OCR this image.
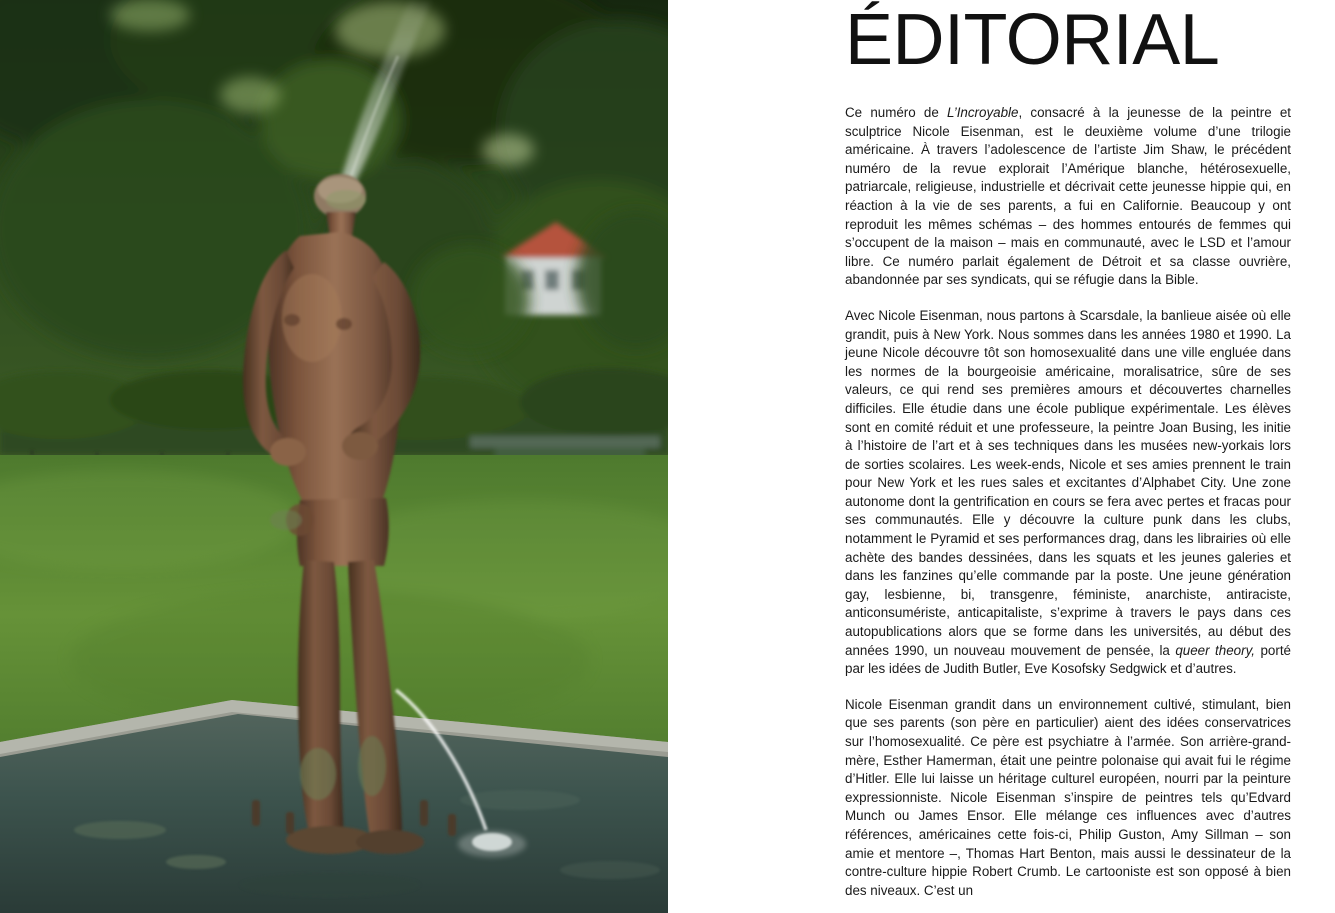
ÉDITORIAL

Ce numéro de L’Incroyable, consacré à la jeunesse de la peintre et sculptrice Nicole Eisenman, est le deuxième volume d’une trilogie américaine. À travers l’adolescence de l’artiste Jim Shaw, le précédent numéro de la revue explorait l’Amérique blanche, hétérosexuelle, patriarcale, religieuse, industrielle et décrivait cette jeunesse hippie qui, en réaction à la vie de ses parents, a fui en Californie. Beaucoup y ont reproduit les mêmes schémas – des hommes entourés de femmes qui s’occupent de la maison – mais en communauté, avec le LSD et l’amour libre. Ce numéro parlait également de Détroit et sa classe ouvrière, abandonnée par ses syndicats, qui se réfugie dans la Bible.

Avec Nicole Eisenman, nous partons à Scarsdale, la banlieue aisée où elle grandit, puis à New York. Nous sommes dans les années 1980 et 1990. La jeune Nicole découvre tôt son homosexualité dans une ville engluée dans les normes de la bourgeoisie américaine, moralisatrice, sûre de ses valeurs, ce qui rend ses premières amours et découvertes charnelles difficiles. Elle étudie dans une école publique expérimentale. Les élèves sont en comité réduit et une professeure, la peintre Joan Busing, les initie à l’histoire de l’art et à ses techniques dans les musées new-yorkais lors de sorties scolaires. Les week-ends, Nicole et ses amies prennent le train pour New York et les rues sales et excitantes d’Alphabet City. Une zone autonome dont la gentrification en cours se fera avec pertes et fracas pour ses communautés. Elle y découvre la culture punk dans les clubs, notamment le Pyramid et ses performances drag, dans les librairies où elle achète des bandes dessinées, dans les squats et les jeunes galeries et dans les fanzines qu’elle commande par la poste. Une jeune génération gay, lesbienne, bi, transgenre, féministe, anarchiste, antiraciste, anticonsumériste, anticapitaliste, s’exprime à travers le pays dans ces autopublications alors que se forme dans les universités, au début des années 1990, un nouveau mouvement de pensée, la queer theory, porté par les idées de Judith Butler, Eve Kosofsky Sedgwick et d’autres.

Nicole Eisenman grandit dans un environnement cultivé, stimulant, bien que ses parents (son père en particulier) aient des idées conservatrices sur l’homosexualité. Ce père est psychiatre à l’armée. Son arrière-grand-mère, Esther Hamerman, était une peintre polonaise qui avait fui le régime d’Hitler. Elle lui laisse un héritage culturel européen, nourri par la peinture expressionniste. Nicole Eisenman s’inspire de peintres tels qu’Edvard Munch ou James Ensor. Elle mélange ces influences avec d’autres références, américaines cette fois-ci, Philip Guston, Amy Sillman – son amie et mentore –, Thomas Hart Benton, mais aussi le dessinateur de la contre-culture hippie Robert Crumb. Le cartooniste est son opposé à bien des niveaux. C’est un
